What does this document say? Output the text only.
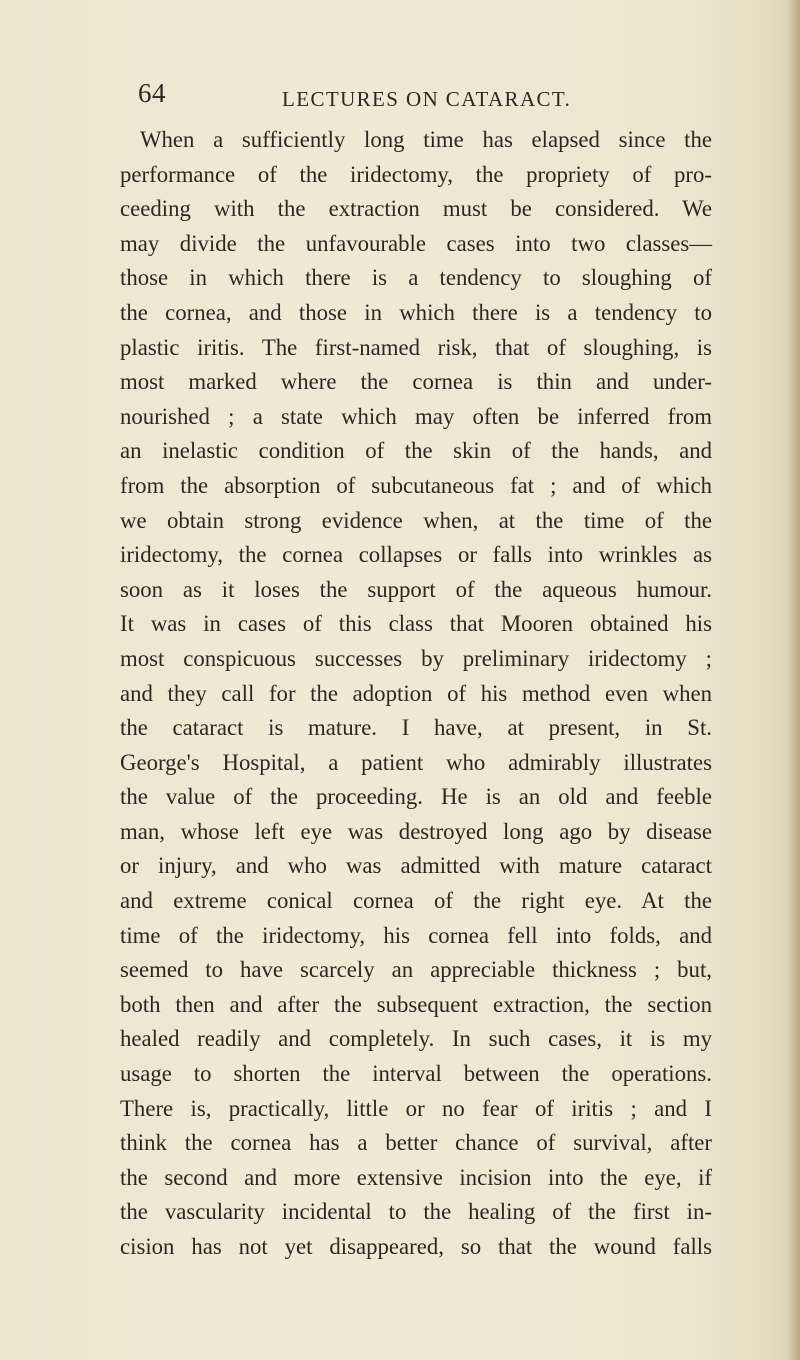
64	LECTURES ON CATARACT.
When a sufficiently long time has elapsed since the
performance of the iridectomy, the propriety of pro-
ceeding with the extraction must be considered. We
may divide the unfavourable cases into two classes—
those in which there is a tendency to sloughing of
the cornea, and those in which there is a tendency to
plastic iritis. The first-named risk, that of sloughing, is
most marked where the cornea is thin and under-
nourished ; a state which may often be inferred from
an inelastic condition of the skin of the hands, and
from the absorption of subcutaneous fat ; and of which
we obtain strong evidence when, at the time of the
iridectomy, the cornea collapses or falls into wrinkles as
soon as it loses the support of the aqueous humour.
It was in cases of this class that Mooren obtained his
most conspicuous successes by preliminary iridectomy ;
and they call for the adoption of his method even when
the cataract is mature. I have, at present, in St.
George's Hospital, a patient who admirably illustrates
the value of the proceeding. He is an old and feeble
man, whose left eye was destroyed long ago by disease
or injury, and who was admitted with mature cataract
and extreme conical cornea of the right eye. At the
time of the iridectomy, his cornea fell into folds, and
seemed to have scarcely an appreciable thickness ; but,
both then and after the subsequent extraction, the section
healed readily and completely. In such cases, it is my
usage to shorten the interval between the operations.
There is, practically, little or no fear of iritis ; and I
think the cornea has a better chance of survival, after
the second and more extensive incision into the eye, if
the vascularity incidental to the healing of the first in-
cision has not yet disappeared, so that the wound falls
